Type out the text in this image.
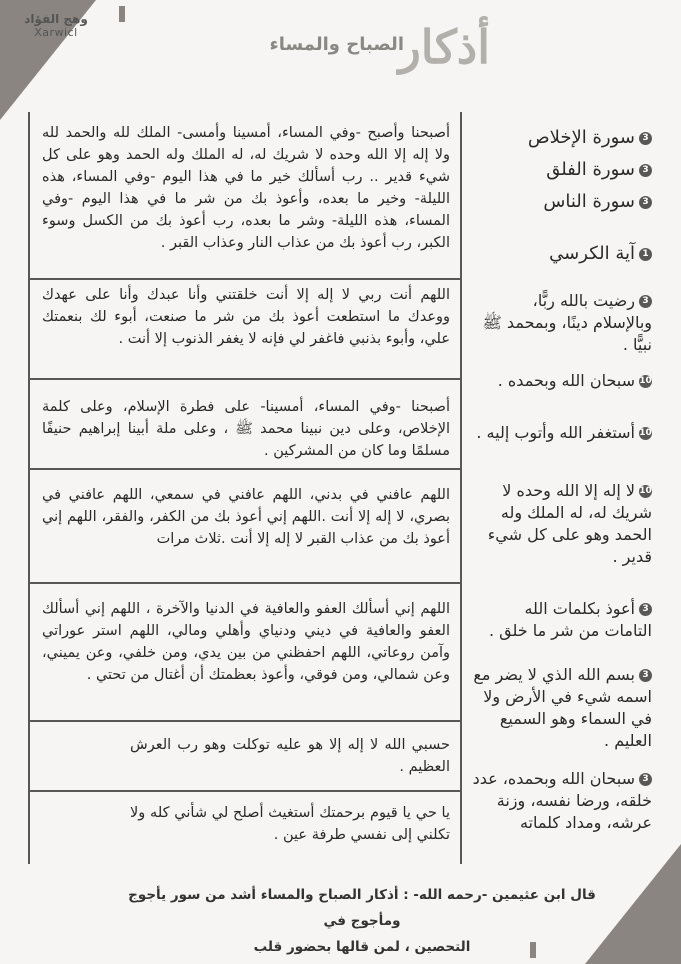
وهج الفؤاد
Xarwicl	أذكار
الصباح والمساء
3سورة الإخلاص
3سورة الفلق
3سورة الناس
1آية الكرسي
3رضيت بالله ربًّا، وبالإسلام دينًا، وبمحمد ﷺ نبيًّا .
10سبحان الله وبحمده .
10أستغفر الله وأتوب إليه .
10لا إله إلا الله وحده لا شريك له، له الملك وله الحمد وهو على كل شيء قدير .
3أعوذ بكلمات الله التامات من شر ما خلق .
3بسم الله الذي لا يضر مع اسمه شيء في الأرض ولا في السماء وهو السميع العليم .
3سبحان الله وبحمده، عدد خلقه، ورضا نفسه، وزنة عرشه، ومداد كلماته
أصبحنا وأصبح -وفي المساء، أمسينا وأمسى- الملك لله والحمد لله ولا إله إلا الله وحده لا شريك له، له الملك وله الحمد وهو على كل شيء قدير .. رب أسألك خير ما في هذا اليوم -وفي المساء، هذه الليلة- وخير ما بعده، وأعوذ بك من شر ما في هذا اليوم -وفي المساء، هذه الليلة- وشر ما بعده، رب أعوذ بك من الكسل وسوء الكبر، رب أعوذ بك من عذاب النار وعذاب القبر .
اللهم أنت ربي لا إله إلا أنت خلقتني وأنا عبدك وأنا على عهدك ووعدك ما استطعت أعوذ بك من شر ما صنعت، أبوء لك بنعمتك علي، وأبوء بذنبي فاغفر لي فإنه لا يغفر الذنوب إلا أنت .
أصبحنا -وفي المساء، أمسينا- على فطرة الإسلام، وعلى كلمة الإخلاص، وعلى دين نبينا محمد ﷺ ، وعلى ملة أبينا إبراهيم حنيفًا مسلمًا وما كان من المشركين .
اللهم عافني في بدني، اللهم عافني في سمعي، اللهم عافني في بصري، لا إله إلا أنت .اللهم إني أعوذ بك من الكفر، والفقر، اللهم إني أعوذ بك من عذاب القبر لا إله إلا أنت .ثلاث مرات
اللهم إني أسألك العفو والعافية في الدنيا والآخرة ، اللهم إني أسألك العفو والعافية في ديني ودنياي وأهلي ومالي، اللهم استر عوراتي وآمن روعاتي، اللهم احفظني من بين يدي، ومن خلفي، وعن يميني، وعن شمالي، ومن فوقي، وأعوذ بعظمتك أن أغتال من تحتي .
حسبي الله لا إله إلا هو عليه توكلت وهو رب العرش العظيم .
يا حي يا قيوم برحمتك أستغيث أصلح لي شأني كله ولا تكلني إلى نفسي طرفة عين .
قال ابن عثيمين -رحمه الله- : أذكار الصباح والمساء أشد من سور يأجوج ومأجوج في
التحصين ، لمن قالها بحضور قلب
